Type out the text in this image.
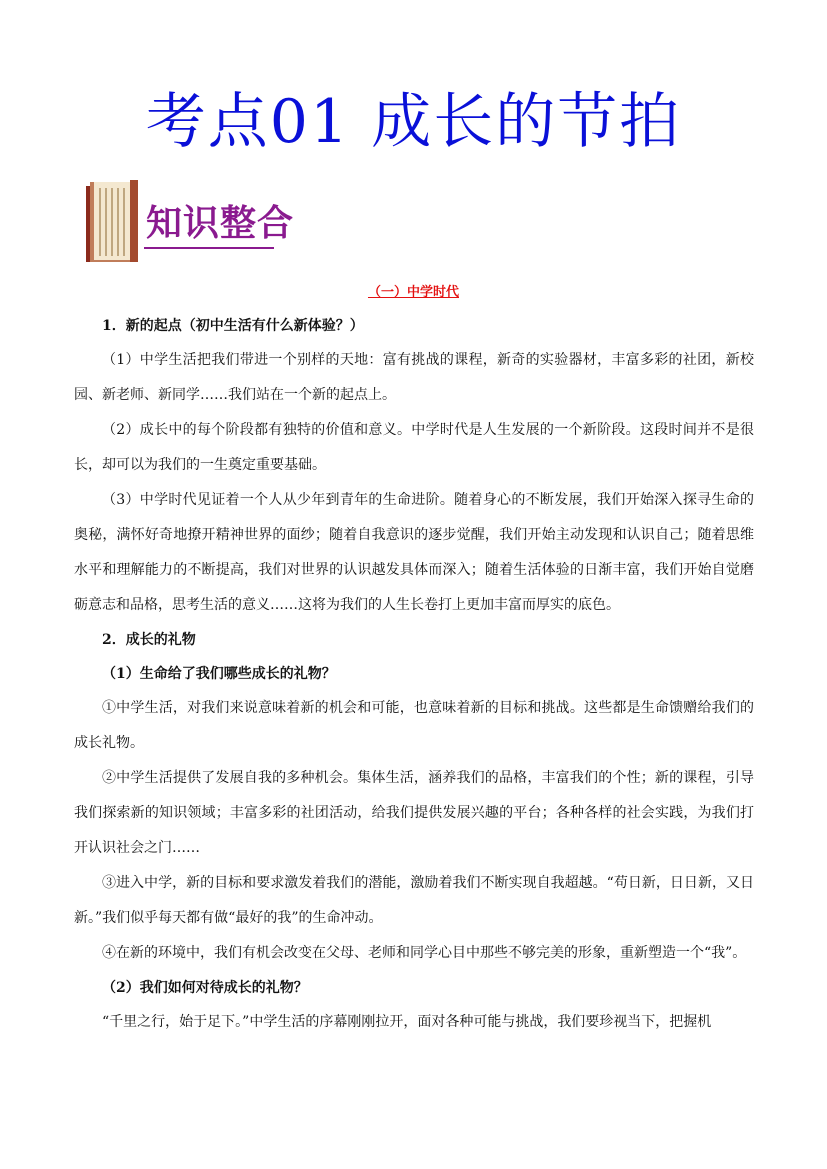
考点01 成长的节拍
知识整合
（一）中学时代
1．新的起点（初中生活有什么新体验？）
（1）中学生活把我们带进一个别样的天地：富有挑战的课程，新奇的实验器材，丰富多彩的社团，新校园、新老师、新同学……我们站在一个新的起点上。
（2）成长中的每个阶段都有独特的价值和意义。中学时代是人生发展的一个新阶段。这段时间并不是很长，却可以为我们的一生奠定重要基础。
（3）中学时代见证着一个人从少年到青年的生命进阶。随着身心的不断发展，我们开始深入探寻生命的奥秘，满怀好奇地撩开精神世界的面纱；随着自我意识的逐步觉醒，我们开始主动发现和认识自己；随着思维水平和理解能力的不断提高，我们对世界的认识越发具体而深入；随着生活体验的日渐丰富，我们开始自觉磨砺意志和品格，思考生活的意义……这将为我们的人生长卷打上更加丰富而厚实的底色。
2．成长的礼物
（1）生命给了我们哪些成长的礼物？
①中学生活，对我们来说意味着新的机会和可能，也意味着新的目标和挑战。这些都是生命馈赠给我们的成长礼物。
②中学生活提供了发展自我的多种机会。集体生活，涵养我们的品格，丰富我们的个性；新的课程，引导我们探索新的知识领域；丰富多彩的社团活动，给我们提供发展兴趣的平台；各种各样的社会实践，为我们打开认识社会之门……
③进入中学，新的目标和要求激发着我们的潜能，激励着我们不断实现自我超越。“苟日新，日日新，又日新。”我们似乎每天都有做“最好的我”的生命冲动。
④在新的环境中，我们有机会改变在父母、老师和同学心目中那些不够完美的形象，重新塑造一个“我”。
（2）我们如何对待成长的礼物？
“千里之行，始于足下。”中学生活的序幕刚刚拉开，面对各种可能与挑战，我们要珍视当下，把握机
